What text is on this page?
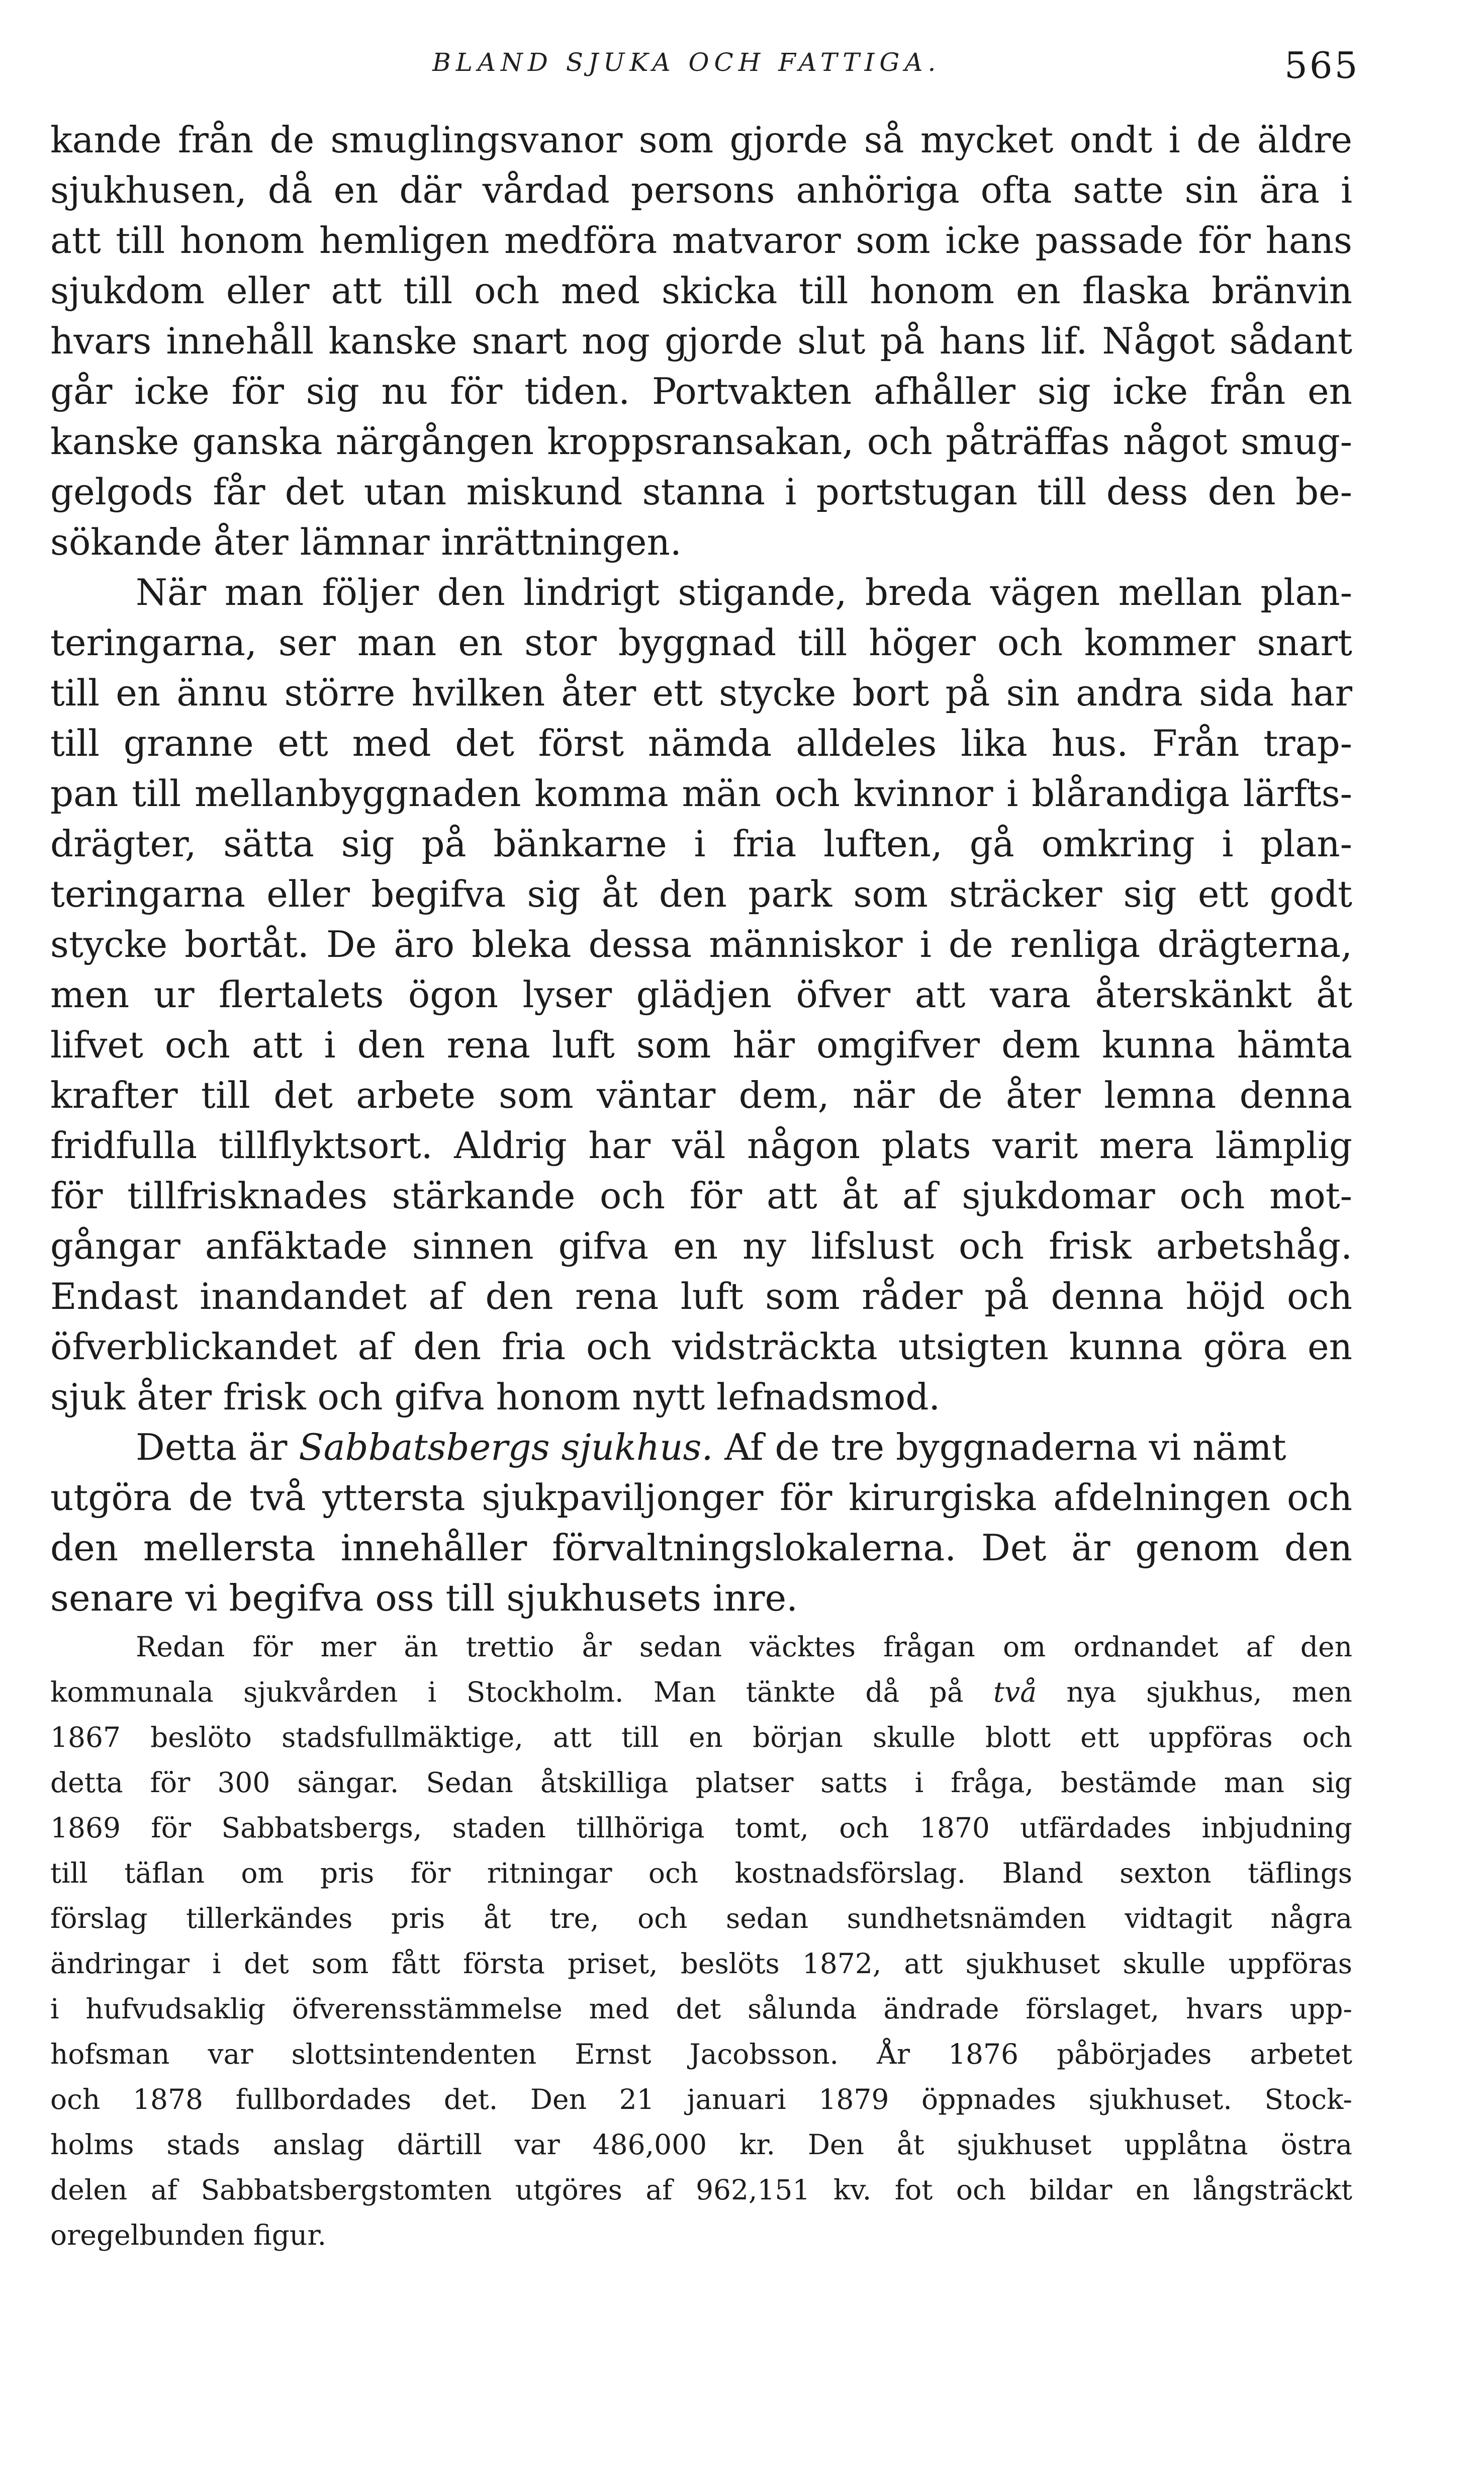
BLAND SJUKA OCH FATTIGA.	565
kande från de smuglingsvanor som gjorde så mycket ondt i de äldre
sjukhusen, då en där vårdad persons anhöriga ofta satte sin ära i
att till honom hemligen medföra matvaror som icke passade för hans
sjukdom eller att till och med skicka till honom en flaska bränvin
hvars innehåll kanske snart nog gjorde slut på hans lif. Något sådant
går icke för sig nu för tiden. Portvakten afhåller sig icke från en
kanske ganska närgången kroppsransakan, och påträffas något smug-
gelgods får det utan miskund stanna i portstugan till dess den be-
sökande åter lämnar inrättningen.
När man följer den lindrigt stigande, breda vägen mellan plan-
teringarna, ser man en stor byggnad till höger och kommer snart
till en ännu större hvilken åter ett stycke bort på sin andra sida har
till granne ett med det först nämda alldeles lika hus. Från trap-
pan till mellanbyggnaden komma män och kvinnor i blårandiga lärfts-
drägter, sätta sig på bänkarne i fria luften, gå omkring i plan-
teringarna eller begifva sig åt den park som sträcker sig ett godt
stycke bortåt. De äro bleka dessa människor i de renliga drägterna,
men ur flertalets ögon lyser glädjen öfver att vara återskänkt åt
lifvet och att i den rena luft som här omgifver dem kunna hämta
krafter till det arbete som väntar dem, när de åter lemna denna
fridfulla tillflyktsort. Aldrig har väl någon plats varit mera lämplig
för tillfrisknades stärkande och för att åt af sjukdomar och mot-
gångar anfäktade sinnen gifva en ny lifslust och frisk arbetshåg.
Endast inandandet af den rena luft som råder på denna höjd och
öfverblickandet af den fria och vidsträckta utsigten kunna göra en
sjuk åter frisk och gifva honom nytt lefnadsmod.
Detta är Sabbatsbergs sjukhus. Af de tre byggnaderna vi nämt
utgöra de två yttersta sjukpaviljonger för kirurgiska afdelningen och
den mellersta innehåller förvaltningslokalerna. Det är genom den
senare vi begifva oss till sjukhusets inre.
Redan för mer än trettio år sedan väcktes frågan om ordnandet af den
kommunala sjukvården i Stockholm. Man tänkte då på två nya sjukhus, men
1867 beslöto stadsfullmäktige, att till en början skulle blott ett uppföras och
detta för 300 sängar. Sedan åtskilliga platser satts i fråga, bestämde man sig
1869 för Sabbatsbergs, staden tillhöriga tomt, och 1870 utfärdades inbjudning
till täflan om pris för ritningar och kostnadsförslag. Bland sexton täflings
förslag tillerkändes pris åt tre, och sedan sundhetsnämden vidtagit några
ändringar i det som fått första priset, beslöts 1872, att sjukhuset skulle uppföras
i hufvudsaklig öfverensstämmelse med det sålunda ändrade förslaget, hvars upp-
hofsman var slottsintendenten Ernst Jacobsson. År 1876 påbörjades arbetet
och 1878 fullbordades det. Den 21 januari 1879 öppnades sjukhuset. Stock-
holms stads anslag därtill var 486,000 kr. Den åt sjukhuset upplåtna östra
delen af Sabbatsbergstomten utgöres af 962,151 kv. fot och bildar en långsträckt
oregelbunden figur.
